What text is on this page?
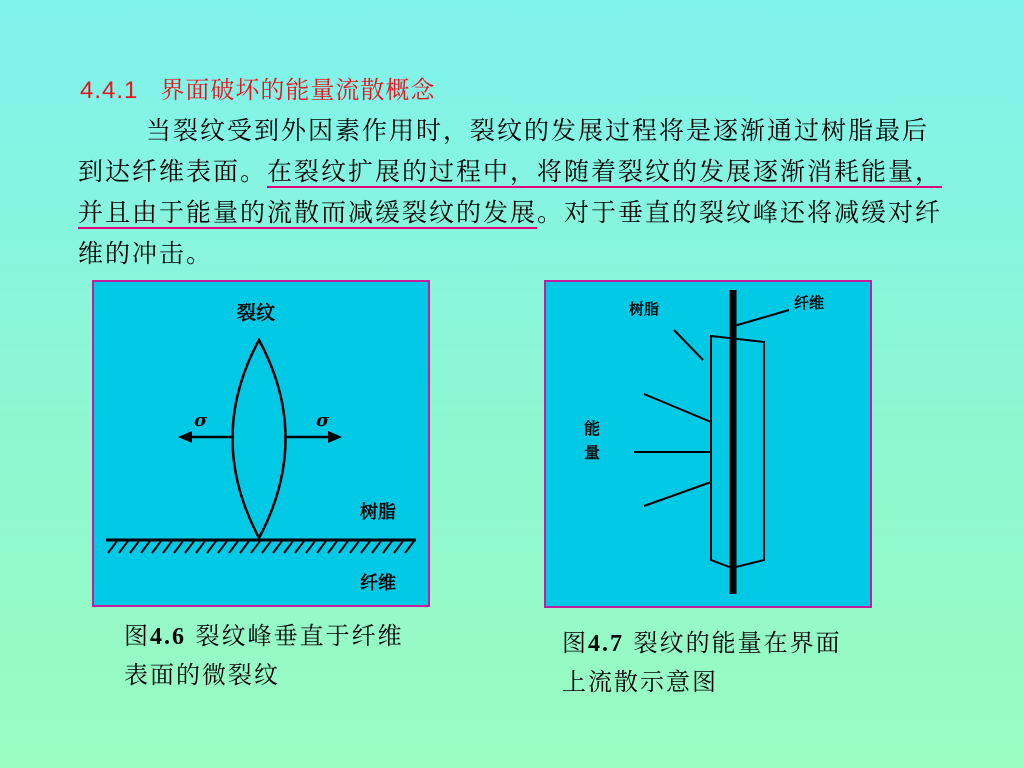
4.4.1 界面破坏的能量流散概念

当裂纹受到外因素作用时，裂纹的发展过程将是逐渐通过树脂最后到达纤维表面。在裂纹扩展的过程中，将随着裂纹的发展逐渐消耗能量，并且由于能量的流散而减缓裂纹的发展。对于垂直的裂纹峰还将减缓对纤维的冲击。

裂纹
σ	σ
树脂
纤维
图4.6 裂纹峰垂直于纤维表面的微裂纹
树脂	纤维
能
量
图4.7 裂纹的能量在界面上流散示意图
